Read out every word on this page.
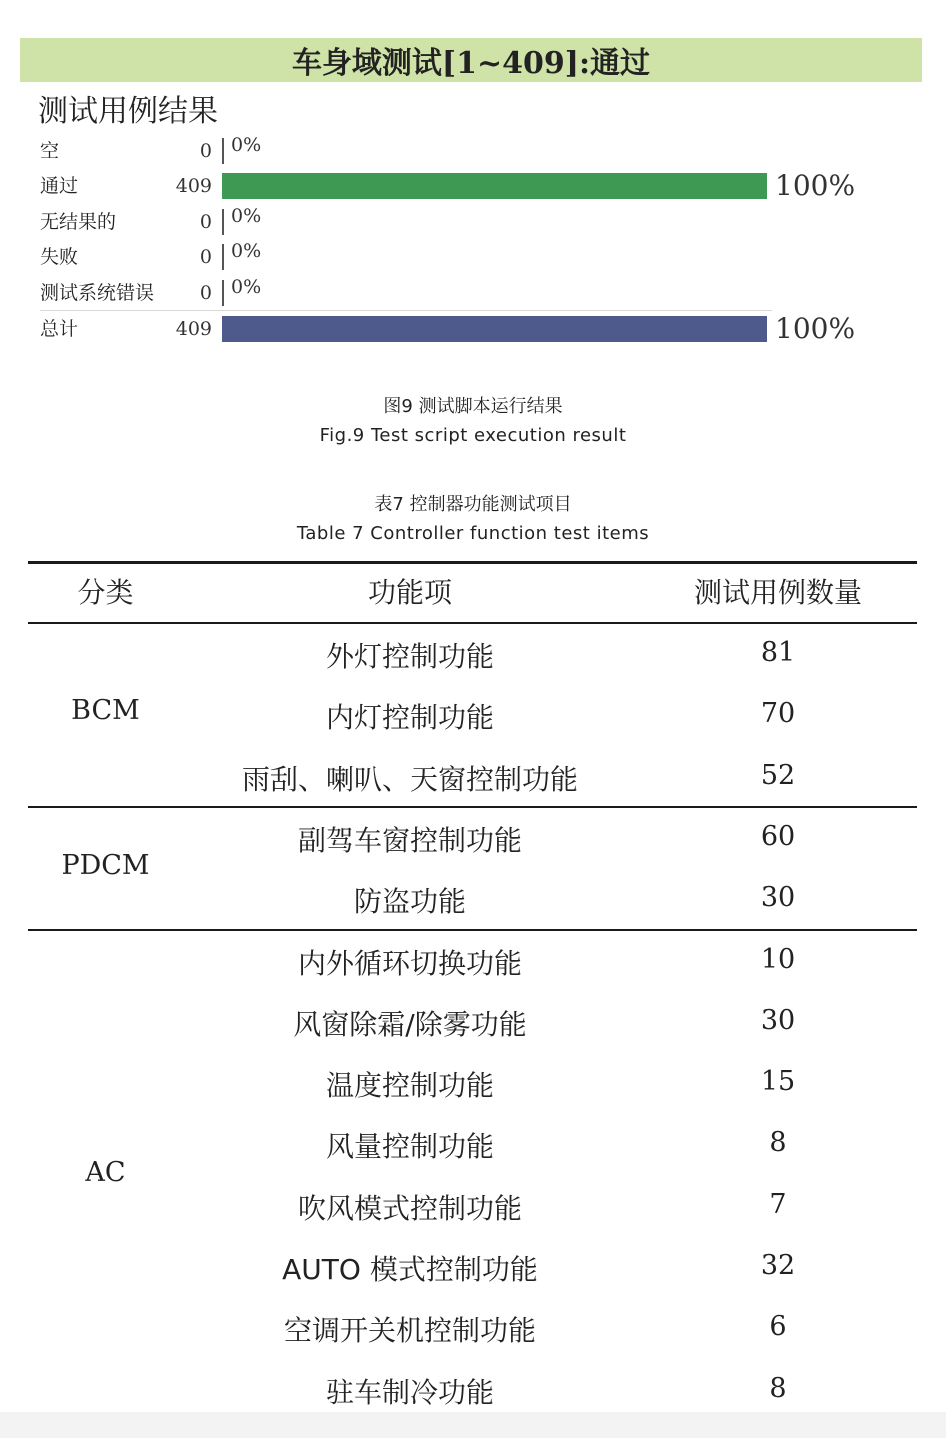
车身域测试[1~409]:通过
测试用例结果
空	0 0%
通过	409	100%
无结果的	0 0%
失败	0 0%
测试系统错误	0 0%
总计	409	100%
图9 测试脚本运行结果
Fig.9 Test script execution result
表7 控制器功能测试项目
Table 7 Controller function test items
分类	功能项	测试用例数量
BCM
外灯控制功能	81
内灯控制功能	70
雨刮、喇叭、天窗控制功能	52
PDCM
副驾车窗控制功能	60
防盗功能	30
AC
内外循环切换功能	10
风窗除霜/除雾功能	30
温度控制功能	15
风量控制功能	8
吹风模式控制功能	7
AUTO 模式控制功能	32
空调开关机控制功能	6
驻车制冷功能	8
